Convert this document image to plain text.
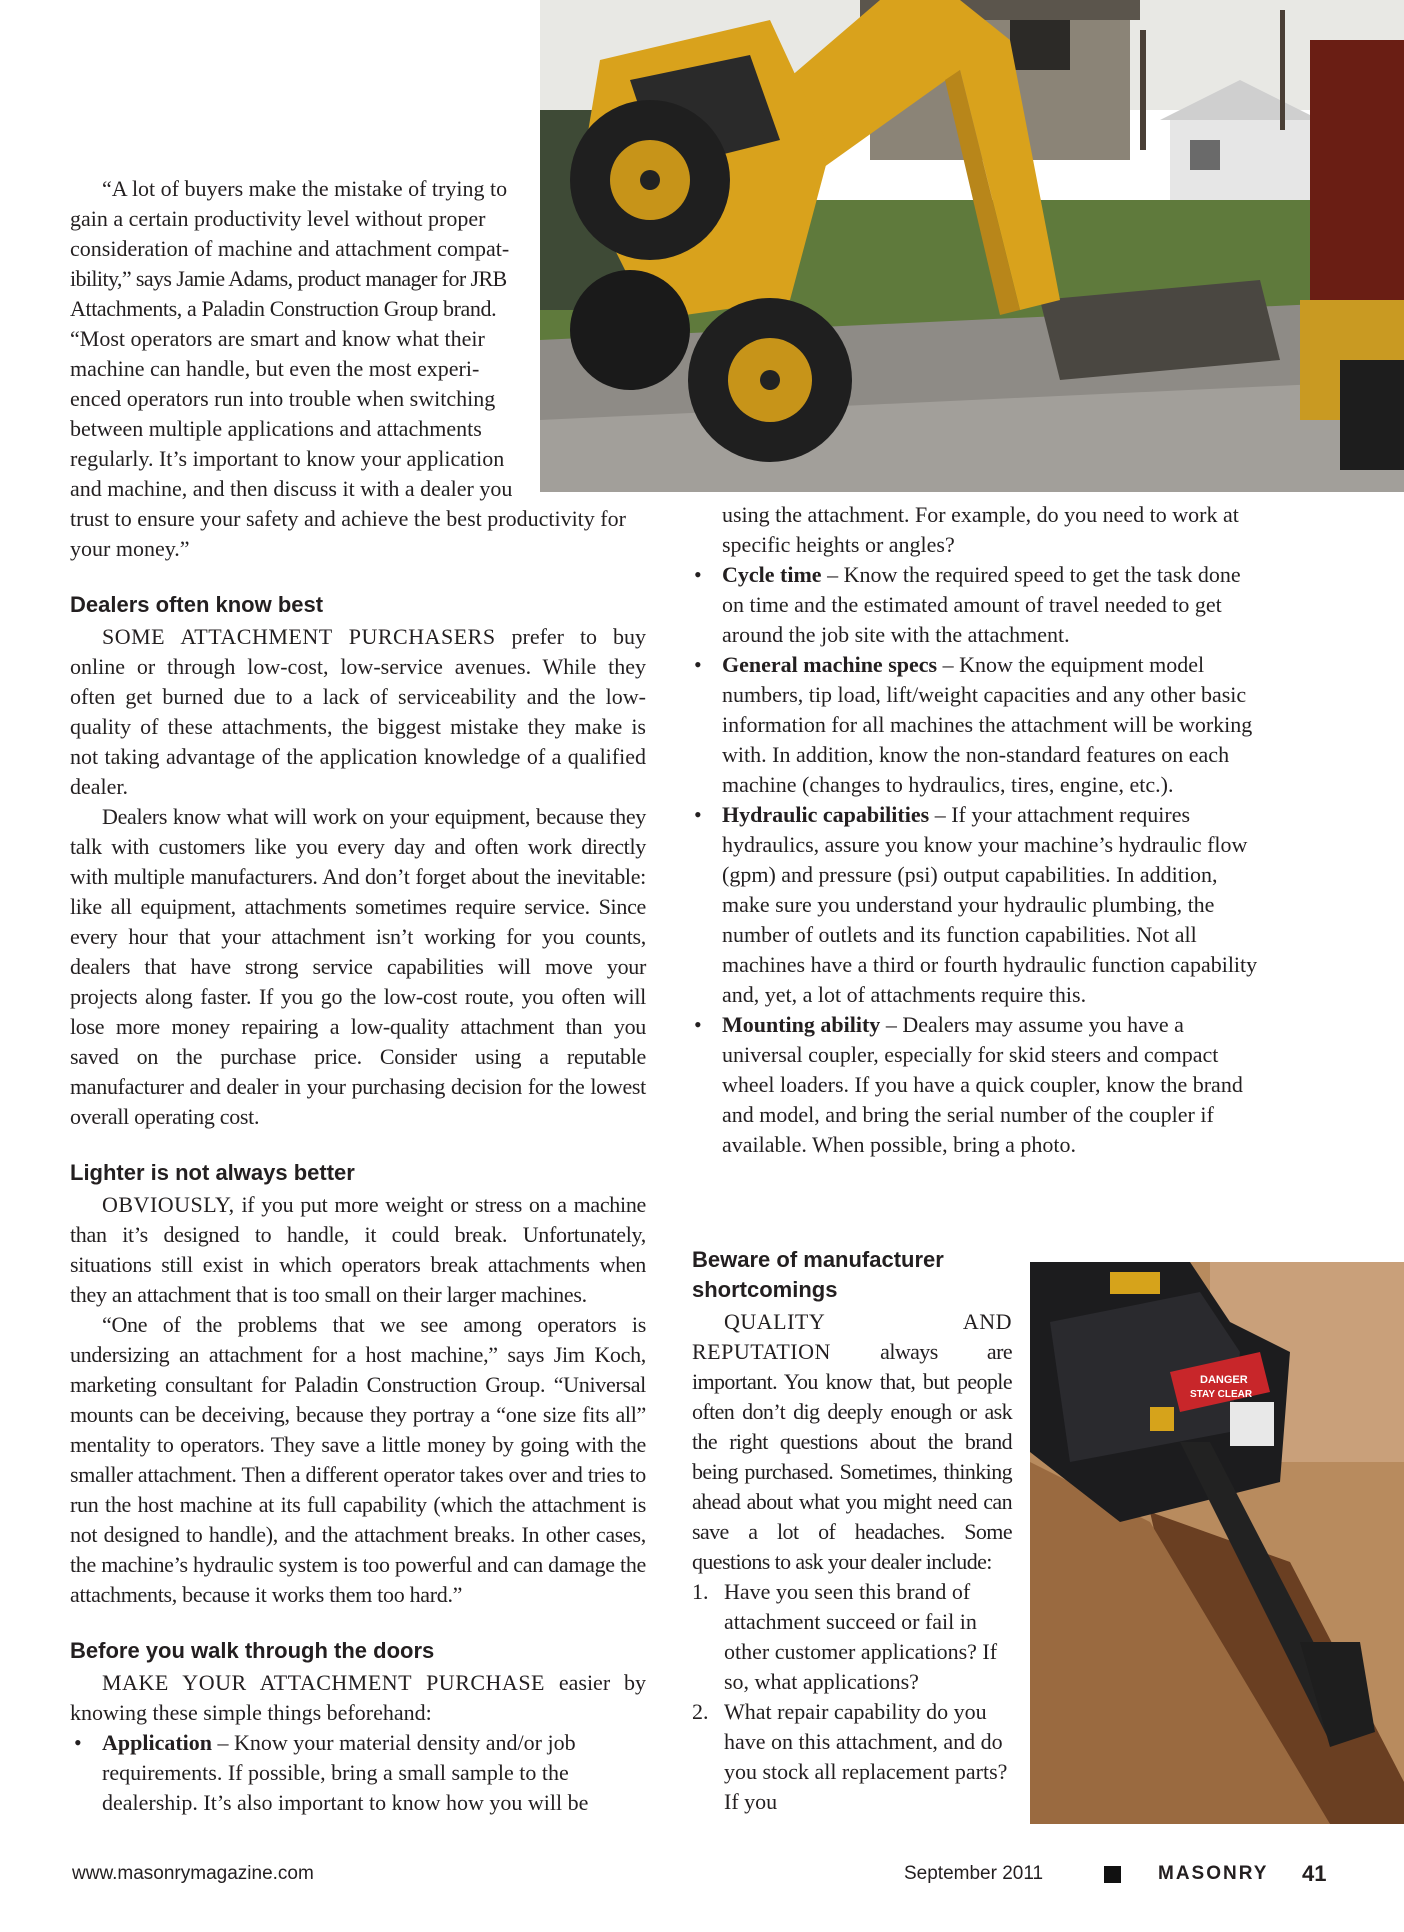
“A lot of buyers make the mistake of trying to
gain a certain productivity level without proper
consideration of machine and attachment compat-
ibility,” says Jamie Adams, product manager for JRB
Attachments, a Paladin Construction Group brand.
“Most operators are smart and know what their
machine can handle, but even the most experi-
enced operators run into trouble when switching
between multiple applications and attachments
regularly. It’s important to know your application
and machine, and then discuss it with a dealer you
trust to ensure your safety and achieve the best productivity for
your money.”
Dealers often know best

SOME ATTACHMENT PURCHASERS prefer to buy online or through low-cost, low-service avenues. While they often get burned due to a lack of serviceability and the low-quality of these attachments, the biggest mistake they make is not taking advantage of the application knowledge of a qualified dealer.

Dealers know what will work on your equipment, because they talk with customers like you every day and often work directly with multiple manufacturers. And don’t forget about the inevitable: like all equipment, attachments sometimes require service. Since every hour that your attachment isn’t working for you counts, dealers that have strong service capabilities will move your projects along faster. If you go the low-cost route, you often will lose more money repairing a low-quality attachment than you saved on the purchase price. Consider using a reputable manufacturer and dealer in your purchasing decision for the lowest overall operating cost.

Lighter is not always better

OBVIOUSLY, if you put more weight or stress on a machine than it’s designed to handle, it could break. Unfortunately, situations still exist in which operators break attachments when they an attachment that is too small on their larger machines.

“One of the problems that we see among operators is undersizing an attachment for a host machine,” says Jim Koch, marketing consultant for Paladin Construction Group. “Universal mounts can be deceiving, because they portray a “one size fits all” mentality to operators. They save a little money by going with the smaller attachment. Then a different operator takes over and tries to run the host machine at its full capability (which the attachment is not designed to handle), and the attachment breaks. In other cases, the machine’s hydraulic system is too powerful and can damage the attachments, because it works them too hard.”

Before you walk through the doors

MAKE YOUR ATTACHMENT PURCHASE easier by knowing these simple things beforehand:

• Application – Know your material density and/or job requirements. If possible, bring a small sample to the dealership. It’s also important to know how you will be
using the attachment. For example, do you need to work at specific heights or angles?
• Cycle time – Know the required speed to get the task done on time and the estimated amount of travel needed to get around the job site with the attachment.
• General machine specs – Know the equipment model numbers, tip load, lift/weight capacities and any other basic information for all machines the attachment will be working with. In addition, know the non-standard features on each machine (changes to hydraulics, tires, engine, etc.).
• Hydraulic capabilities – If your attachment requires hydraulics, assure you know your machine’s hydraulic flow (gpm) and pressure (psi) output capabilities. In addition, make sure you understand your hydraulic plumbing, the number of outlets and its function capabilities. Not all machines have a third or fourth hydraulic function capability and, yet, a lot of attachments require this.
• Mounting ability – Dealers may assume you have a universal coupler, especially for skid steers and compact wheel loaders. If you have a quick coupler, know the brand and model, and bring the serial number of the coupler if available. When possible, bring a photo.
Beware of manufacturer
shortcomings

QUALITY AND REPUTATION always are important. You know that, but people often don’t dig deeply enough or ask the right questions about the brand being purchased. Sometimes, thinking ahead about what you might need can save a lot of headaches. Some questions to ask your dealer include:

1. Have you seen this brand of attachment succeed or fail in other customer applications? If so, what applications?
2. What repair capability do you have on this attachment, and do you stock all replacement parts? If you
DANGER
STAY CLEAR
www.masonrymagazine.com	September 2011	MASONRY 41
